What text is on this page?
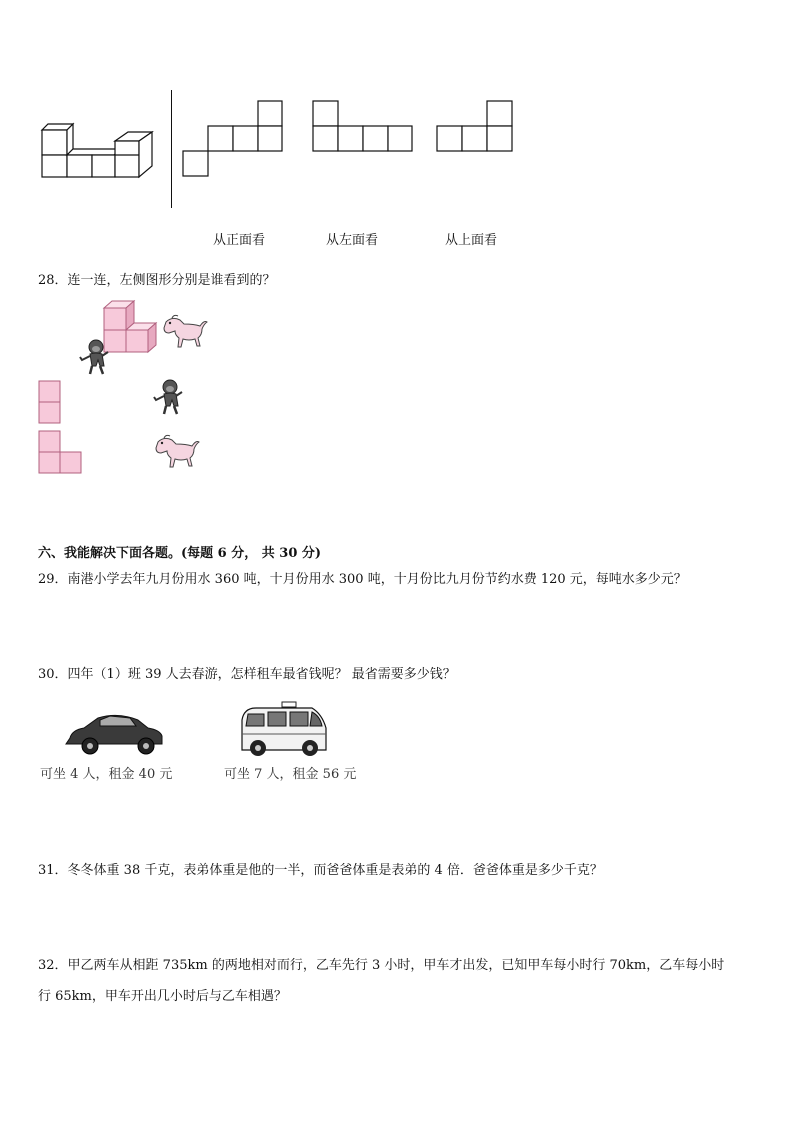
从正面看	从左面看	从上面看
28．连一连，左侧图形分别是谁看到的？
六、我能解决下面各题。(每题 6 分， 共 30 分)
29．南港小学去年九月份用水 360 吨，十月份用水 300 吨，十月份比九月份节约水费 120 元，每吨水多少元？
30．四年（1）班 39 人去春游，怎样租车最省钱呢？ 最省需要多少钱？
可坐 4 人，租金 40 元	可坐 7 人，租金 56 元
31．冬冬体重 38 千克，表弟体重是他的一半，而爸爸体重是表弟的 4 倍．爸爸体重是多少千克？
32．甲乙两车从相距 735km 的两地相对而行，乙车先行 3 小时，甲车才出发，已知甲车每小时行 70km，乙车每小时
行 65km，甲车开出几小时后与乙车相遇？
